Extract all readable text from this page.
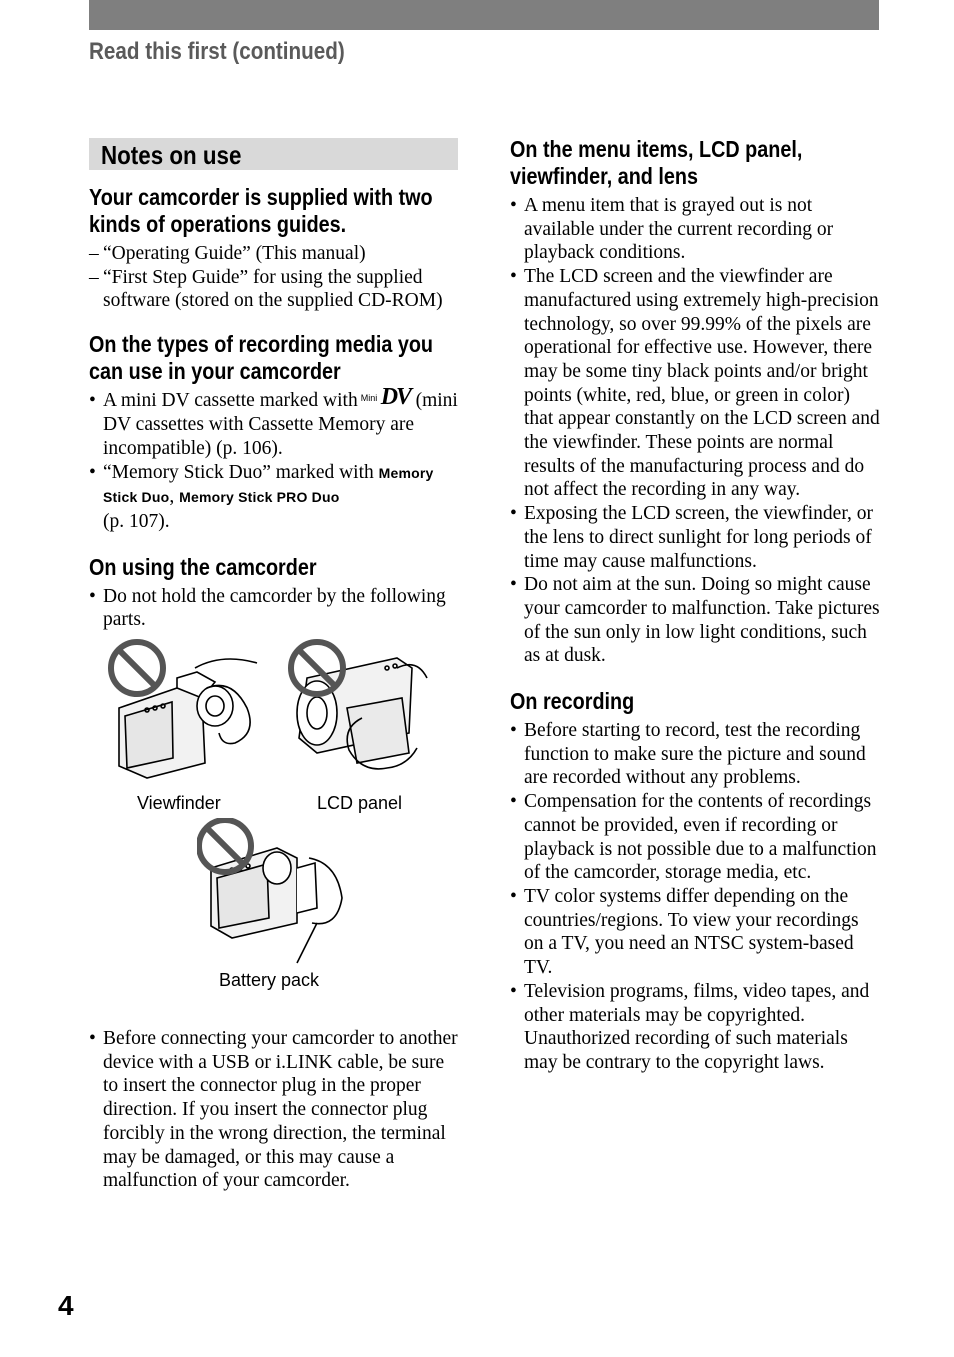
Read this first (continued)
Notes on use
Your camcorder is supplied with two kinds of operations guides.
– “Operating Guide” (This manual)
– “First Step Guide” for using the supplied software (stored on the supplied CD-ROM)
On the types of recording media you can use in your camcorder
• A mini DV cassette marked with Mini DV (mini DV cassettes with Cassette Memory are incompatible) (p. 106).
• “Memory Stick Duo” marked with Memory Stick Duo, Memory Stick PRO Duo
(p. 107).
On using the camcorder
• Do not hold the camcorder by the following parts.
Viewfinder	LCD panel
Battery pack
• Before connecting your camcorder to another device with a USB or i.LINK cable, be sure to insert the connector plug in the proper direction. If you insert the connector plug forcibly in the wrong direction, the terminal may be damaged, or this may cause a malfunction of your camcorder.
On the menu items, LCD panel, viewfinder, and lens
• A menu item that is grayed out is not available under the current recording or playback conditions.
• The LCD screen and the viewfinder are manufactured using extremely high-precision technology, so over 99.99% of the pixels are operational for effective use. However, there may be some tiny black points and/or bright points (white, red, blue, or green in color) that appear constantly on the LCD screen and the viewfinder. These points are normal results of the manufacturing process and do not affect the recording in any way.
• Exposing the LCD screen, the viewfinder, or the lens to direct sunlight for long periods of time may cause malfunctions.
• Do not aim at the sun. Doing so might cause your camcorder to malfunction. Take pictures of the sun only in low light conditions, such as at dusk.
On recording
• Before starting to record, test the recording function to make sure the picture and sound are recorded without any problems.
• Compensation for the contents of recordings cannot be provided, even if recording or playback is not possible due to a malfunction of the camcorder, storage media, etc.
• TV color systems differ depending on the countries/regions. To view your recordings on a TV, you need an NTSC system-based TV.
• Television programs, films, video tapes, and other materials may be copyrighted. Unauthorized recording of such materials may be contrary to the copyright laws.
4
